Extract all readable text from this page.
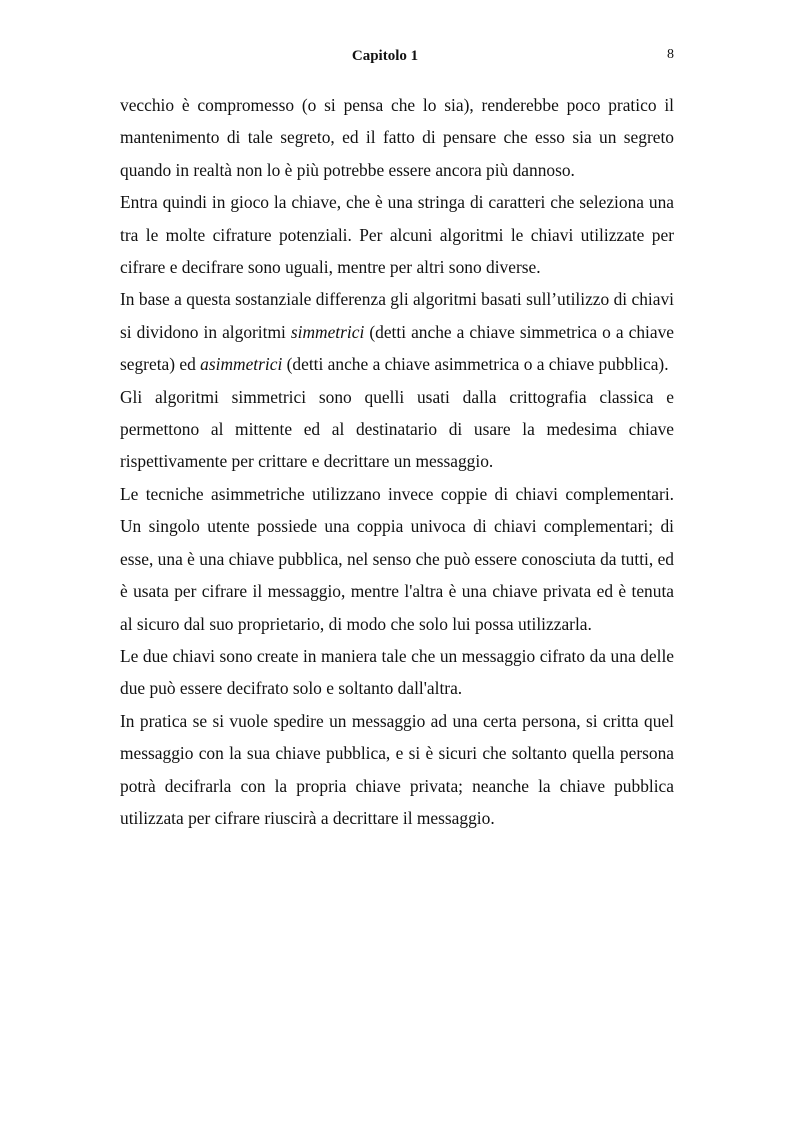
Capitolo 1	8

vecchio è compromesso (o si pensa che lo sia), renderebbe poco pratico il mantenimento di tale segreto, ed il fatto di pensare che esso sia un segreto quando in realtà non lo è più potrebbe essere ancora più dannoso.

Entra quindi in gioco la chiave, che è una stringa di caratteri che seleziona una tra le molte cifrature potenziali. Per alcuni algoritmi le chiavi utilizzate per cifrare e decifrare sono uguali, mentre per altri sono diverse.

In base a questa sostanziale differenza gli algoritmi basati sull’utilizzo di chiavi si dividono in algoritmi simmetrici (detti anche a chiave simmetrica o a chiave segreta) ed asimmetrici (detti anche a chiave asimmetrica o a chiave pubblica).

Gli algoritmi simmetrici sono quelli usati dalla crittografia classica e permettono al mittente ed al destinatario di usare la medesima chiave rispettivamente per crittare e decrittare un messaggio.

Le tecniche asimmetriche utilizzano invece coppie di chiavi complementari. Un singolo utente possiede una coppia univoca di chiavi complementari; di esse, una è una chiave pubblica, nel senso che può essere conosciuta da tutti, ed è usata per cifrare il messaggio, mentre l'altra è una chiave privata ed è tenuta al sicuro dal suo proprietario, di modo che solo lui possa utilizzarla.

Le due chiavi sono create in maniera tale che un messaggio cifrato da una delle due può essere decifrato solo e soltanto dall'altra.

In pratica se si vuole spedire un messaggio ad una certa persona, si critta quel messaggio con la sua chiave pubblica, e si è sicuri che soltanto quella persona potrà decifrarla con la propria chiave privata; neanche la chiave pubblica utilizzata per cifrare riuscirà a decrittare il messaggio.
